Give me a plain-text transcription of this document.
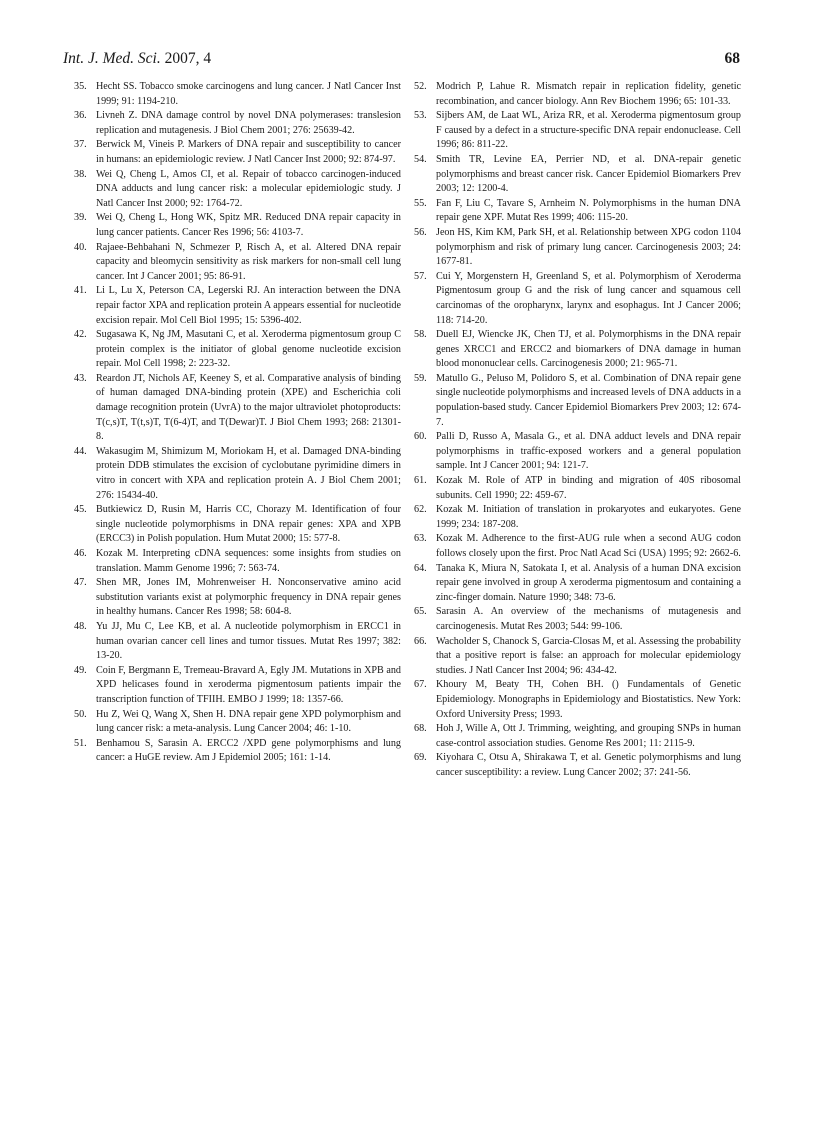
Int. J. Med. Sci. 2007, 4	68

35. Hecht SS. Tobacco smoke carcinogens and lung cancer. J Natl Cancer Inst 1999; 91: 1194-210.

36. Livneh Z. DNA damage control by novel DNA polymerases: translesion replication and mutagenesis. J Biol Chem 2001; 276: 25639-42.

37. Berwick M, Vineis P. Markers of DNA repair and susceptibility to cancer in humans: an epidemiologic review. J Natl Cancer Inst 2000; 92: 874-97.

38. Wei Q, Cheng L, Amos CI, et al. Repair of tobacco carcinogen-induced DNA adducts and lung cancer risk: a molecular epidemiologic study. J Natl Cancer Inst 2000; 92: 1764-72.

39. Wei Q, Cheng L, Hong WK, Spitz MR. Reduced DNA repair capacity in lung cancer patients. Cancer Res 1996; 56: 4103-7.

40. Rajaee-Behbahani N, Schmezer P, Risch A, et al. Altered DNA repair capacity and bleomycin sensitivity as risk markers for non-small cell lung cancer. Int J Cancer 2001; 95: 86-91.

41. Li L, Lu X, Peterson CA, Legerski RJ. An interaction between the DNA repair factor XPA and replication protein A appears essential for nucleotide excision repair. Mol Cell Biol 1995; 15: 5396-402.

42. Sugasawa K, Ng JM, Masutani C, et al. Xeroderma pigmentosum group C protein complex is the initiator of global genome nucleotide excision repair. Mol Cell 1998; 2: 223-32.

43. Reardon JT, Nichols AF, Keeney S, et al. Comparative analysis of binding of human damaged DNA-binding protein (XPE) and Escherichia coli damage recognition protein (UvrA) to the major ultraviolet photoproducts: T(c,s)T, T(t,s)T, T(6-4)T, and T(Dewar)T. J Biol Chem 1993; 268: 21301-8.

44. Wakasugim M, Shimizum M, Moriokam H, et al. Damaged DNA-binding protein DDB stimulates the excision of cyclobutane pyrimidine dimers in vitro in concert with XPA and replication protein A. J Biol Chem 2001; 276: 15434-40.

45. Butkiewicz D, Rusin M, Harris CC, Chorazy M. Identification of four single nucleotide polymorphisms in DNA repair genes: XPA and XPB (ERCC3) in Polish population. Hum Mutat 2000; 15: 577-8.

46. Kozak M. Interpreting cDNA sequences: some insights from studies on translation. Mamm Genome 1996; 7: 563-74.

47. Shen MR, Jones IM, Mohrenweiser H. Nonconservative amino acid substitution variants exist at polymorphic frequency in DNA repair genes in healthy humans. Cancer Res 1998; 58: 604-8.

48. Yu JJ, Mu C, Lee KB, et al. A nucleotide polymorphism in ERCC1 in human ovarian cancer cell lines and tumor tissues. Mutat Res 1997; 382: 13-20.

49. Coin F, Bergmann E, Tremeau-Bravard A, Egly JM. Mutations in XPB and XPD helicases found in xeroderma pigmentosum patients impair the transcription function of TFIIH. EMBO J 1999; 18: 1357-66.

50. Hu Z, Wei Q, Wang X, Shen H. DNA repair gene XPD polymorphism and lung cancer risk: a meta-analysis. Lung Cancer 2004; 46: 1-10.

51. Benhamou S, Sarasin A. ERCC2 /XPD gene polymorphisms and lung cancer: a HuGE review. Am J Epidemiol 2005; 161: 1-14.

52. Modrich P, Lahue R. Mismatch repair in replication fidelity, genetic recombination, and cancer biology. Ann Rev Biochem 1996; 65: 101-33.

53. Sijbers AM, de Laat WL, Ariza RR, et al. Xeroderma pigmentosum group F caused by a defect in a structure-specific DNA repair endonuclease. Cell 1996; 86: 811-22.

54. Smith TR, Levine EA, Perrier ND, et al. DNA-repair genetic polymorphisms and breast cancer risk. Cancer Epidemiol Biomarkers Prev 2003; 12: 1200-4.

55. Fan F, Liu C, Tavare S, Arnheim N. Polymorphisms in the human DNA repair gene XPF. Mutat Res 1999; 406: 115-20.

56. Jeon HS, Kim KM, Park SH, et al. Relationship between XPG codon 1104 polymorphism and risk of primary lung cancer. Carcinogenesis 2003; 24: 1677-81.

57. Cui Y, Morgenstern H, Greenland S, et al. Polymorphism of Xeroderma Pigmentosum group G and the risk of lung cancer and squamous cell carcinomas of the oropharynx, larynx and esophagus. Int J Cancer 2006; 118: 714-20.

58. Duell EJ, Wiencke JK, Chen TJ, et al. Polymorphisms in the DNA repair genes XRCC1 and ERCC2 and biomarkers of DNA damage in human blood mononuclear cells. Carcinogenesis 2000; 21: 965-71.

59. Matullo G., Peluso M, Polidoro S, et al. Combination of DNA repair gene single nucleotide polymorphisms and increased levels of DNA adducts in a population-based study. Cancer Epidemiol Biomarkers Prev 2003; 12: 674-7.

60. Palli D, Russo A, Masala G., et al. DNA adduct levels and DNA repair polymorphisms in traffic-exposed workers and a general population sample. Int J Cancer 2001; 94: 121-7.

61. Kozak M. Role of ATP in binding and migration of 40S ribosomal subunits. Cell 1990; 22: 459-67.

62. Kozak M. Initiation of translation in prokaryotes and eukaryotes. Gene 1999; 234: 187-208.

63. Kozak M. Adherence to the first-AUG rule when a second AUG codon follows closely upon the first. Proc Natl Acad Sci (USA) 1995; 92: 2662-6.

64. Tanaka K, Miura N, Satokata I, et al. Analysis of a human DNA excision repair gene involved in group A xeroderma pigmentosum and containing a zinc-finger domain. Nature 1990; 348: 73-6.

65. Sarasin A. An overview of the mechanisms of mutagenesis and carcinogenesis. Mutat Res 2003; 544: 99-106.

66. Wacholder S, Chanock S, Garcia-Closas M, et al. Assessing the probability that a positive report is false: an approach for molecular epidemiology studies. J Natl Cancer Inst 2004; 96: 434-42.

67. Khoury M, Beaty TH, Cohen BH. () Fundamentals of Genetic Epidemiology. Monographs in Epidemiology and Biostatistics. New York: Oxford University Press; 1993.

68. Hoh J, Wille A, Ott J. Trimming, weighting, and grouping SNPs in human case-control association studies. Genome Res 2001; 11: 2115-9.

69. Kiyohara C, Otsu A, Shirakawa T, et al. Genetic polymorphisms and lung cancer susceptibility: a review. Lung Cancer 2002; 37: 241-56.
